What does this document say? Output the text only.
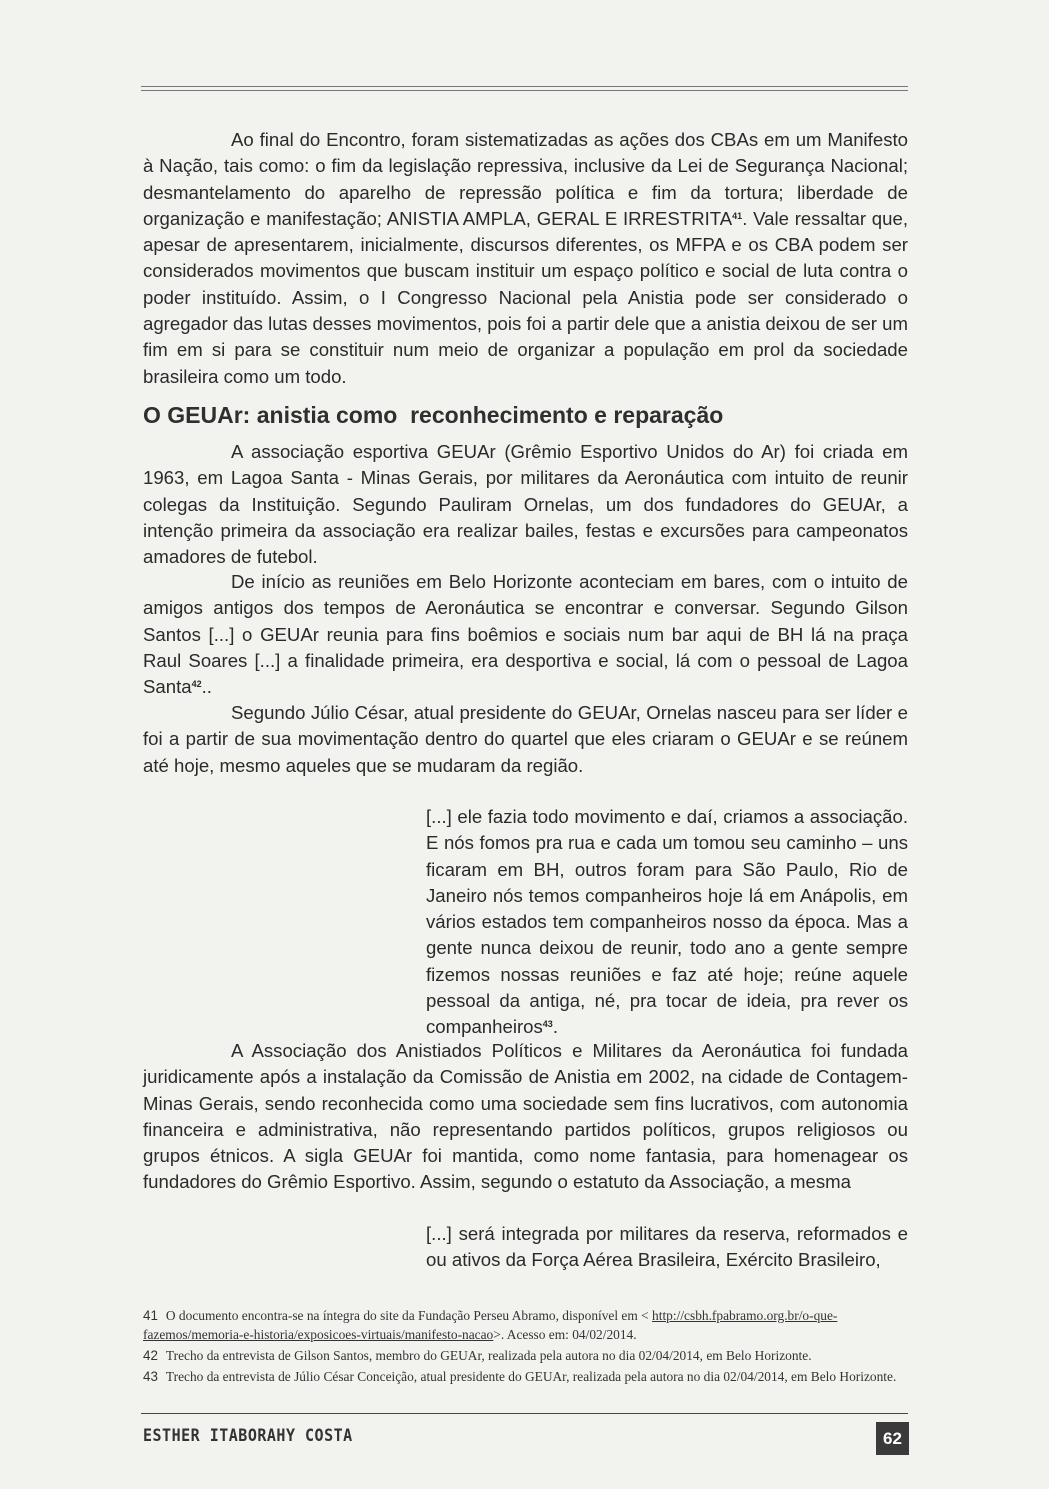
Ao final do Encontro, foram sistematizadas as ações dos CBAs em um Manifesto à Nação, tais como: o fim da legislação repressiva, inclusive da Lei de Segurança Nacional; desmantelamento do aparelho de repressão política e fim da tortura; liberdade de organização e manifestação; ANISTIA AMPLA, GERAL E IRRESTRITA$^{41}$. Vale ressaltar que, apesar de apresentarem, inicialmente, discursos diferentes, os MFPA e os CBA podem ser considerados movimentos que buscam instituir um espaço político e social de luta contra o poder instituído. Assim, o I Congresso Nacional pela Anistia pode ser considerado o agregador das lutas desses movimentos, pois foi a partir dele que a anistia deixou de ser um fim em si para se constituir num meio de organizar a população em prol da sociedade brasileira como um todo.

O GEUAr: anistia como  reconhecimento e reparação

A associação esportiva GEUAr (Grêmio Esportivo Unidos do Ar) foi criada em 1963, em Lagoa Santa - Minas Gerais, por militares da Aeronáutica com intuito de reunir colegas da Instituição. Segundo Pauliram Ornelas, um dos fundadores do GEUAr, a intenção primeira da associação era realizar bailes, festas e excursões para campeonatos amadores de futebol.

De início as reuniões em Belo Horizonte aconteciam em bares, com o intuito de amigos antigos dos tempos de Aeronáutica se encontrar e conversar. Segundo Gilson Santos [...] o GEUAr reunia para fins boêmios e sociais num bar aqui de BH lá na praça Raul Soares [...] a finalidade primeira, era desportiva e social, lá com o pessoal de Lagoa Santa$^{42}$..

Segundo Júlio César, atual presidente do GEUAr, Ornelas nasceu para ser líder e foi a partir de sua movimentação dentro do quartel que eles criaram o GEUAr e se reúnem até hoje, mesmo aqueles que se mudaram da região.

[...] ele fazia todo movimento e daí, criamos a associação. E nós fomos pra rua e cada um tomou seu caminho – uns ficaram em BH, outros foram para São Paulo, Rio de Janeiro nós temos companheiros hoje lá em Anápolis, em vários estados tem companheiros nosso da época. Mas a gente nunca deixou de reunir, todo ano a gente sempre fizemos nossas reuniões e faz até hoje; reúne aquele pessoal da antiga, né, pra tocar de ideia, pra rever os companheiros$^{43}$.

A Associação dos Anistiados Políticos e Militares da Aeronáutica foi fundada juridicamente após a instalação da Comissão de Anistia em 2002, na cidade de Contagem-Minas Gerais, sendo reconhecida como uma sociedade sem fins lucrativos, com autonomia financeira e administrativa, não representando partidos políticos, grupos religiosos ou grupos étnicos. A sigla GEUAr foi mantida, como nome fantasia, para homenagear os fundadores do Grêmio Esportivo. Assim, segundo o estatuto da Associação, a mesma

[...] será integrada por militares da reserva, reformados e ou ativos da Força Aérea Brasileira, Exército Brasileiro,

41 O documento encontra-se na íntegra do site da Fundação Perseu Abramo, disponível em < http://csbh.fpabramo.org.br/o-que-fazemos/memoria-e-historia/exposicoes-virtuais/manifesto-nacao>. Acesso em: 04/02/2014.

42 Trecho da entrevista de Gilson Santos, membro do GEUAr, realizada pela autora no dia 02/04/2014, em Belo Horizonte.

43 Trecho da entrevista de Júlio César Conceição, atual presidente do GEUAr, realizada pela autora no dia 02/04/2014, em Belo Horizonte.

ESTHER ITABORAHY COSTA	62
